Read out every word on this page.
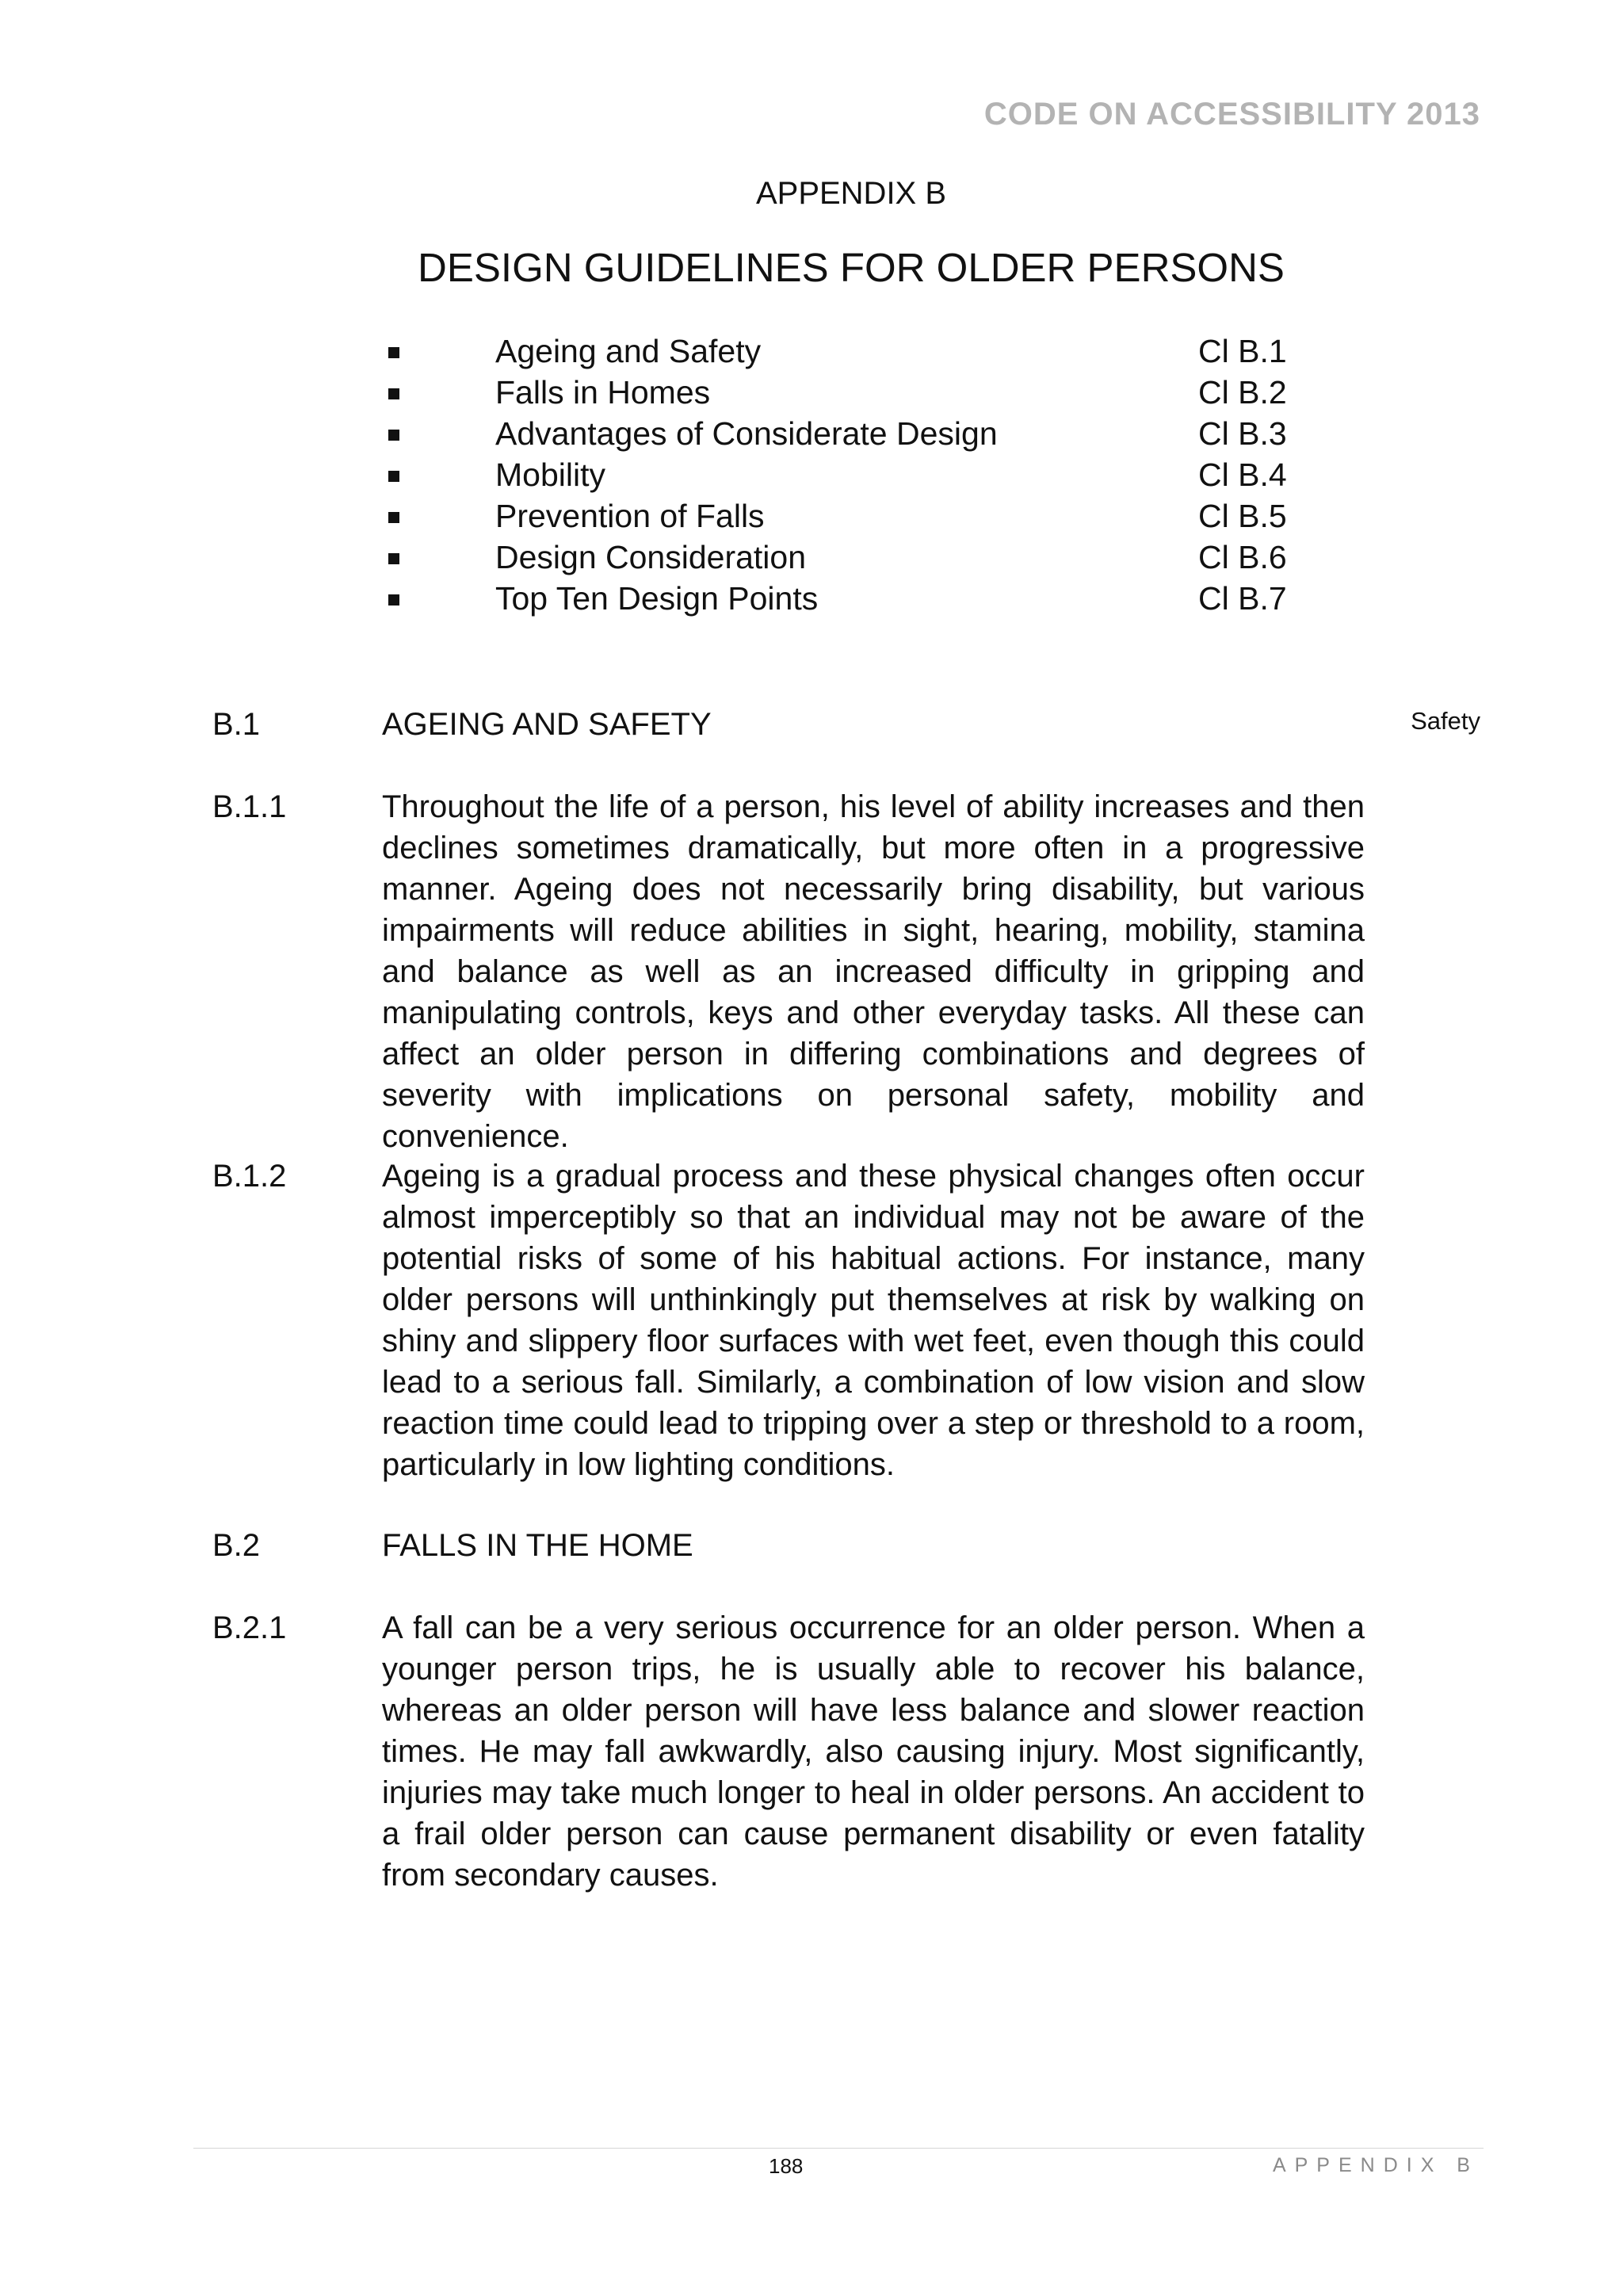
CODE ON ACCESSIBILITY 2013
APPENDIX B
DESIGN GUIDELINES FOR OLDER PERSONS
Ageing and Safety	Cl B.1
Falls in Homes	Cl B.2
Advantages of Considerate Design	Cl B.3
Mobility	Cl B.4
Prevention of Falls	Cl B.5
Design Consideration	Cl B.6
Top Ten Design Points	Cl B.7
B.1	AGEING AND SAFETY	Safety
B.1.1	Throughout the life of a person, his level of ability increases and then declines sometimes dramatically, but more often in a progressive manner. Ageing does not necessarily bring disability, but various impairments will reduce abilities in sight, hearing, mobility, stamina and balance as well as an increased difficulty in gripping and manipulating controls, keys and other everyday tasks. All these can affect an older person in differing combinations and degrees of severity with implications on personal safety, mobility and convenience.
B.1.2	Ageing is a gradual process and these physical changes often occur almost imperceptibly so that an individual may not be aware of the potential risks of some of his habitual actions. For instance, many older persons will unthinkingly put themselves at risk by walking on shiny and slippery floor surfaces with wet feet, even though this could lead to a serious fall. Similarly, a combination of low vision and slow reaction time could lead to tripping over a step or threshold to a room, particularly in low lighting conditions.
B.2	FALLS IN THE HOME
B.2.1	A fall can be a very serious occurrence for an older person. When a younger person trips, he is usually able to recover his balance, whereas an older person will have less balance and slower reaction times. He may fall awkwardly, also causing injury. Most significantly, injuries may take much longer to heal in older persons. An accident to a frail older person can cause permanent disability or even fatality from secondary causes.
188	APPENDIX B
